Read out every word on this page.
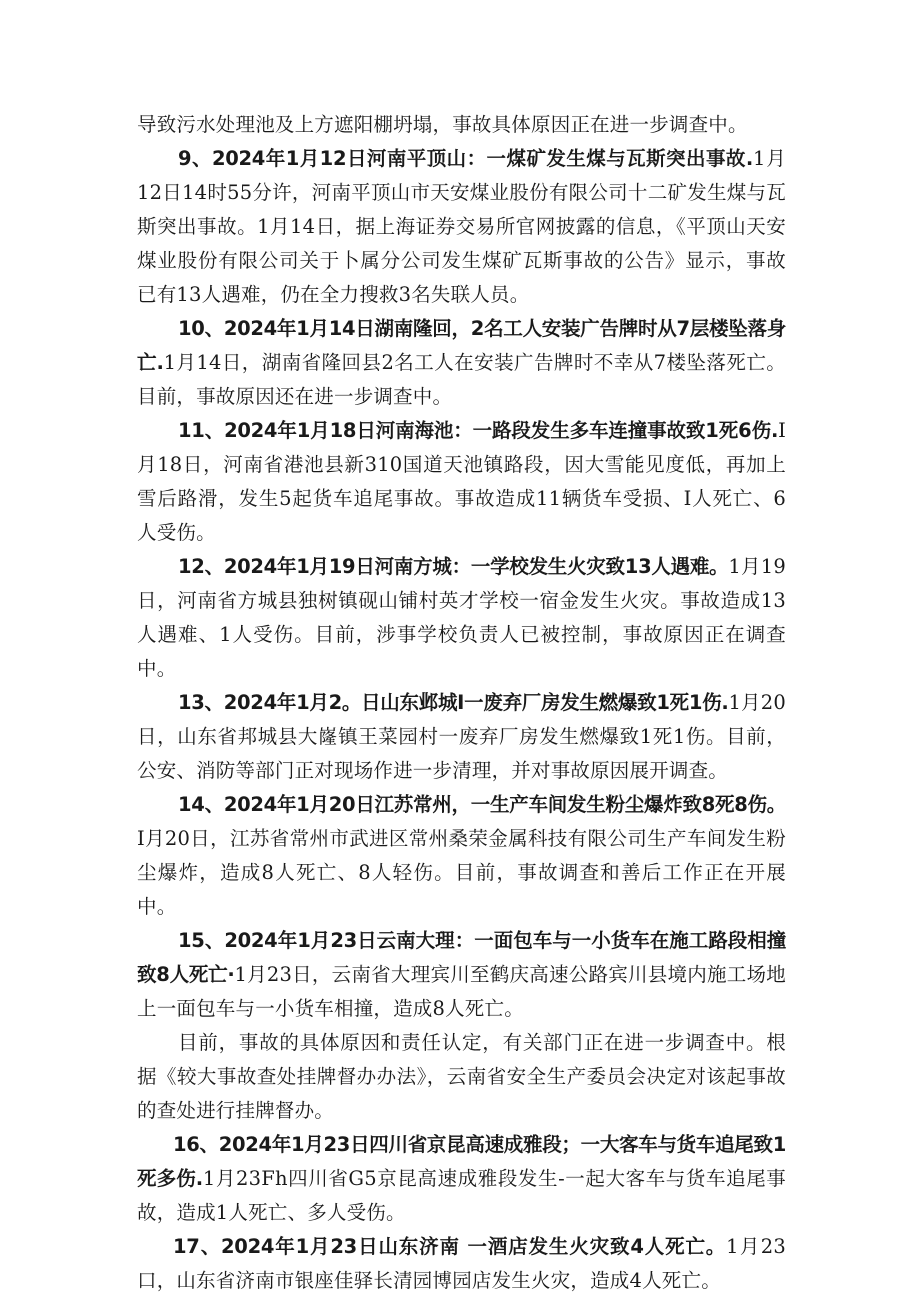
导致污水处理池及上方遮阳棚坍塌，事故具体原因正在进一步调查中。

9、2024年1月12日河南平顶山：一煤矿发生煤与瓦斯突出事故.1月12日14时55分许，河南平顶山市天安煤业股份有限公司十二矿发生煤与瓦斯突出事故。1月14日，据上海证券交易所官网披露的信息，《平顶山天安煤业股份有限公司关于卜属分公司发生煤矿瓦斯事故的公告》显示，事故已有13人遇难，仍在全力搜救3名失联人员。

10、2024年1月14日湖南隆回，2名工人安装广告牌时从7层楼坠落身亡.1月14日，湖南省隆回县2名工人在安装广告牌时不幸从7楼坠落死亡。目前，事故原因还在进一步调查中。

11、2024年1月18日河南海池：一路段发生多车连撞事故致1死6伤.I月18日，河南省港池县新310国道天池镇路段，因大雪能见度低，再加上雪后路滑，发生5起货车追尾事故。事故造成11辆货车受损、I人死亡、6人受伤。

12、2024年1月19日河南方城：一学校发生火灾致13人遇难。1月19日，河南省方城县独树镇砚山铺村英才学校一宿金发生火灾。事故造成13人遇难、1人受伤。目前，涉事学校负责人已被控制，事故原因正在调查中。

13、2024年1月2。日山东邺城I一废弃厂房发生燃爆致1死1伤.1月20日，山东省邦城县大嶐镇王菜园村一废弃厂房发生燃爆致1死1伤。目前，公安、消防等部门正对现场作进一步清理，并对事故原因展开调查。

14、2024年1月20日江苏常州，一生产车间发生粉尘爆炸致8死8伤。I月20日，江苏省常州市武进区常州桑荣金属科技有限公司生产车间发生粉尘爆炸，造成8人死亡、8人轻伤。目前，事故调查和善后工作正在开展中。

15、2024年1月23日云南大理：一面包车与一小货车在施工路段相撞致8人死亡·1月23日，云南省大理宾川至鹤庆高速公路宾川县境内施工场地上一面包车与一小货车相撞，造成8人死亡。

目前，事故的具体原因和责任认定，有关部门正在进一步调查中。根据《较大事故查处挂牌督办办法》，云南省安全生产委员会决定对该起事故的查处进行挂牌督办。

16、2024年1月23日四川省京昆高速成雅段；一大客车与货车追尾致1死多伤.1月23Fh四川省G5京昆高速成雅段发生-一起大客车与货车追尾事故，造成1人死亡、多人受伤。

17、2024年1月23日山东济南 一酒店发生火灾致4人死亡。1月23口，山东省济南市银座佳驿长清园博园店发生火灾，造成4人死亡。
